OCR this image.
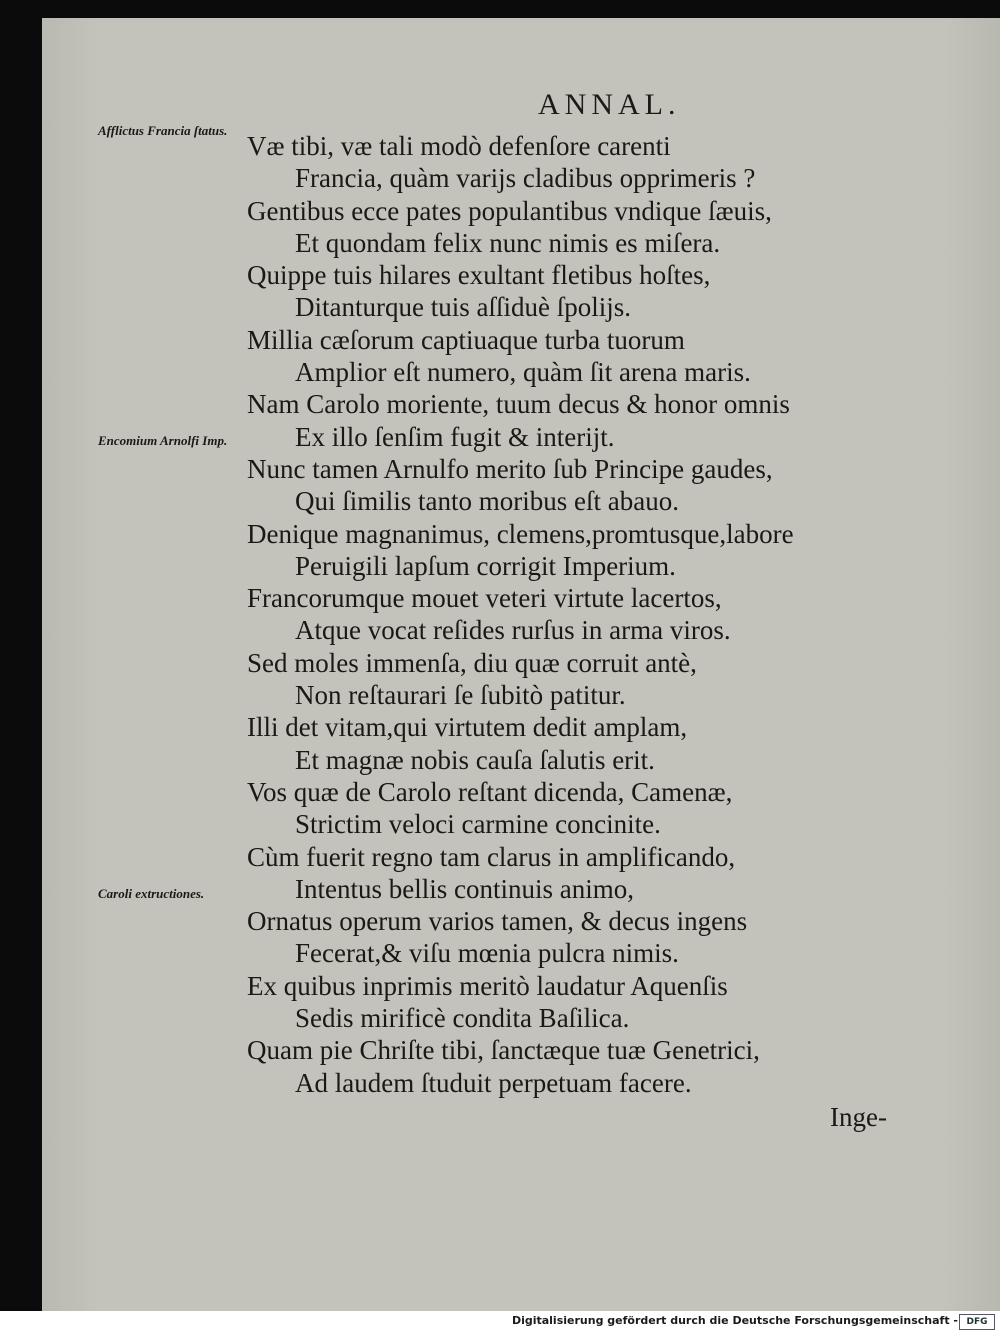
ANNAL.
Afflictus Francia ſtatus.
Encomium Arnolfi Imp.
Caroli extructiones.
Væ tibi, væ tali modò defenſore carenti
Francia, quàm varijs cladibus opprimeris ?
Gentibus ecce pates populantibus vndique ſæuis,
Et quondam felix nunc nimis es miſera.
Quippe tuis hilares exultant fletibus hoſtes,
Ditanturque tuis aſſiduè ſpolijs.
Millia cæſorum captiuaque turba tuorum
Amplior eſt numero, quàm ſit arena maris.
Nam Carolo moriente, tuum decus & honor omnis
Ex illo ſenſim fugit & interijt.
Nunc tamen Arnulfo merito ſub Principe gaudes,
Qui ſimilis tanto moribus eſt abauo.
Denique magnanimus, clemens,promtusque,labore
Peruigili lapſum corrigit Imperium.
Francorumque mouet veteri virtute lacertos,
Atque vocat reſides rurſus in arma viros.
Sed moles immenſa, diu quæ corruit antè,
Non reſtaurari ſe ſubitò patitur.
Illi det vitam,qui virtutem dedit amplam,
Et magnæ nobis cauſa ſalutis erit.
Vos quæ de Carolo reſtant dicenda, Camenæ,
Strictim veloci carmine concinite.
Cùm fuerit regno tam clarus in amplificando,
Intentus bellis continuis animo,
Ornatus operum varios tamen, & decus ingens
Fecerat,& viſu mœnia pulcra nimis.
Ex quibus inprimis meritò laudatur Aquenſis
Sedis mirificè condita Baſilica.
Quam pie Chriſte tibi, ſanctæque tuæ Genetrici,
Ad laudem ſtuduit perpetuam facere.
Inge-
Digitalisierung gefördert durch die Deutsche Forschungsgemeinschaft - DFG
